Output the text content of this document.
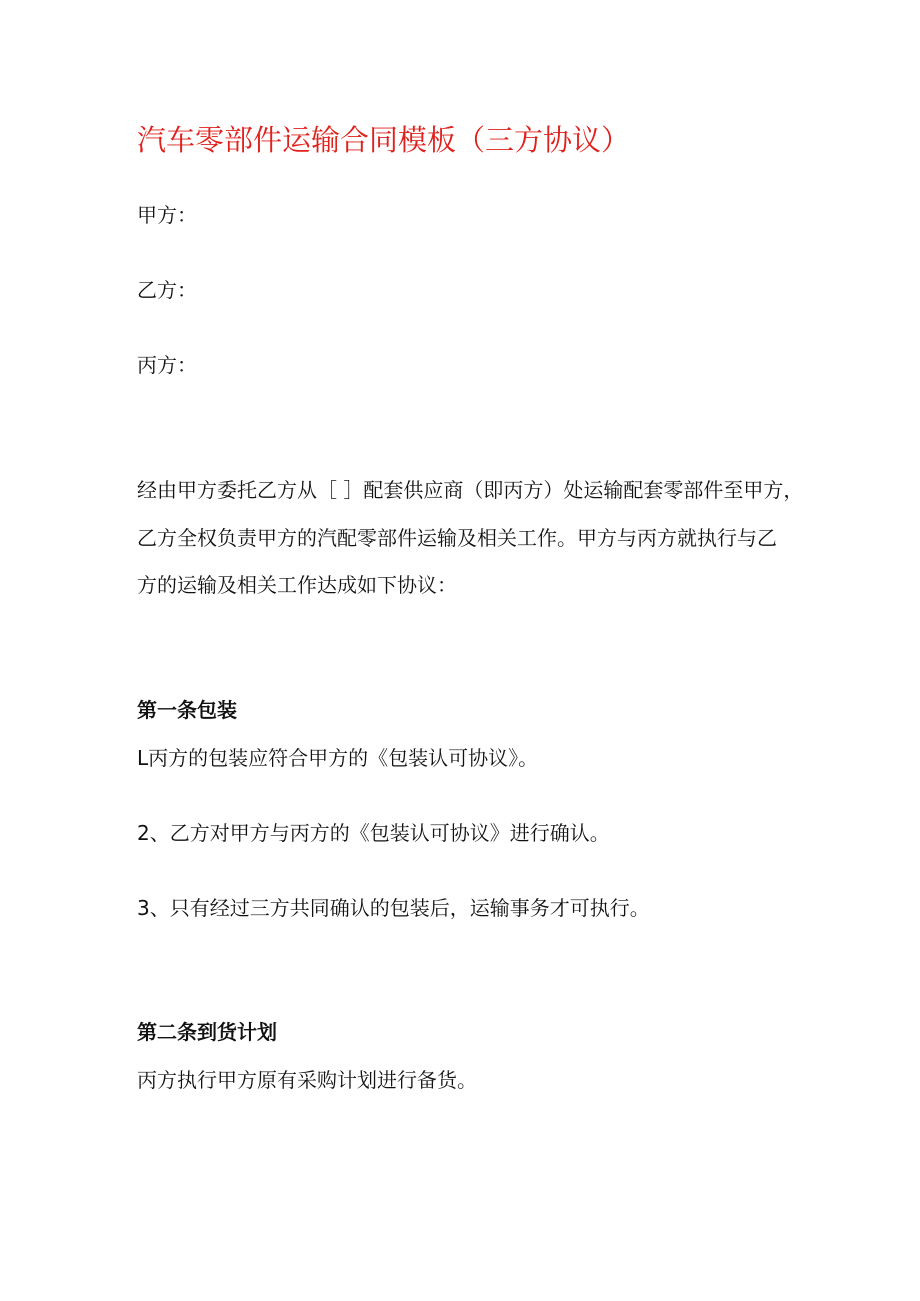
汽车零部件运输合同模板（三方协议）
甲方：
乙方：
丙方：
经由甲方委托乙方从［ ］配套供应商（即丙方）处运输配套零部件至甲方，
乙方全权负责甲方的汽配零部件运输及相关工作。甲方与丙方就执行与乙
方的运输及相关工作达成如下协议：
第一条包装
L丙方的包装应符合甲方的《包装认可协议》。
2、乙方对甲方与丙方的《包装认可协议》进行确认。
3、只有经过三方共同确认的包装后，运输事务才可执行。
第二条到货计划
丙方执行甲方原有采购计划进行备货。
